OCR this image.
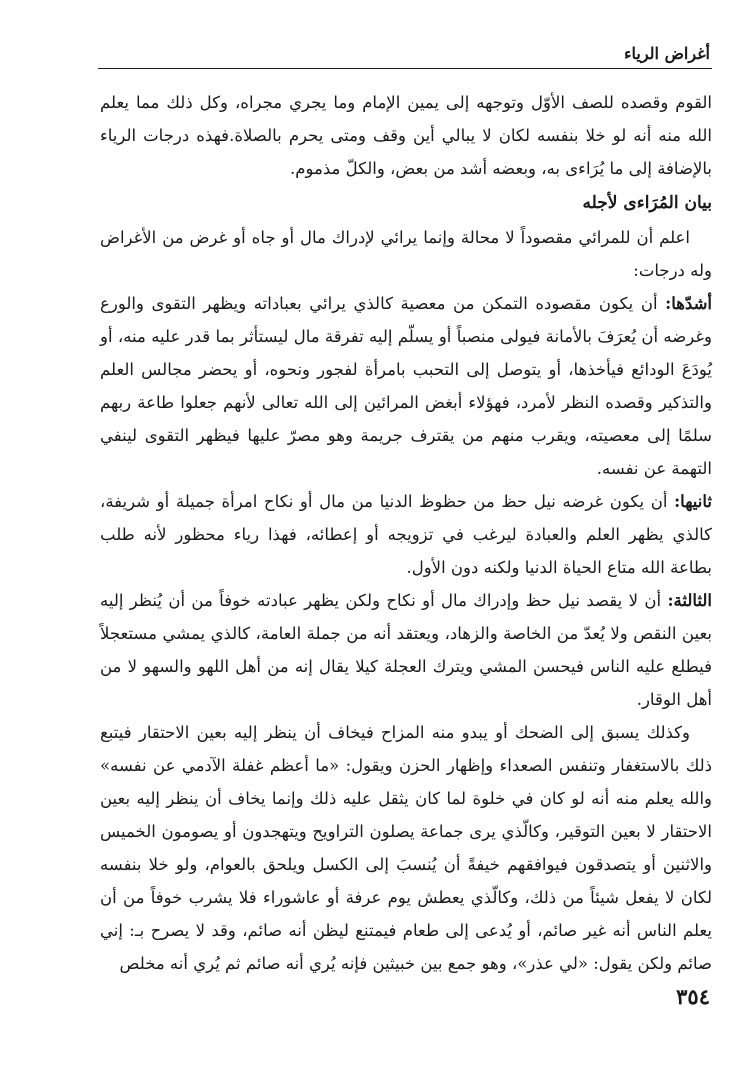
أغراض الرياء

القوم وقصده للصف الأوّل وتوجهه إلى يمين الإمام وما يجري مجراه، وكل ذلك مما يعلم الله منه أنه لو خلا بنفسه لكان لا يبالي أين وقف ومتى يحرم بالصلاة.فهذه درجات الرياء بالإضافة إلى ما يُرَاءى به، وبعضه أشد من بعض، والكلّ مذموم.

بيان المُرَاءى لأجله

اعلم أن للمرائي مقصوداً لا محالة وإنما يرائي لإدراك مال أو جاه أو غرض من الأغراض وله درجات:

أشدّها: أن يكون مقصوده التمكن من معصية كالذي يرائي بعباداته ويظهر التقوى والورع وغرضه أن يُعرَفَ بالأمانة فيولى منصباً أو يسلّم إليه تفرقة مال ليستأثر بما قدر عليه منه، أو يُودَعَ الودائع فيأخذها، أو يتوصل إلى التحبب بامرأة لفجور ونحوه، أو يحضر مجالس العلم والتذكير وقصده النظر لأمرد، فهؤلاء أبغض المرائين إلى الله تعالى لأنهم جعلوا طاعة ربهم سلمًا إلى معصيته، ويقرب منهم من يقترف جريمة وهو مصرّ عليها فيظهر التقوى لينفي التهمة عن نفسه.

ثانيها: أن يكون غرضه نيل حظ من حظوظ الدنيا من مال أو نكاح امرأة جميلة أو شريفة، كالذي يظهر العلم والعبادة ليرغب في تزويجه أو إعطائه، فهذا رياء محظور لأنه طلب بطاعة الله متاع الحياة الدنيا ولكنه دون الأول.

الثالثة: أن لا يقصد نيل حظ وإدراك مال أو نكاح ولكن يظهر عبادته خوفاً من أن يُنظر إليه بعين النقص ولا يُعدّ من الخاصة والزهاد، ويعتقد أنه من جملة العامة، كالذي يمشي مستعجلاً فيطلع عليه الناس فيحسن المشي ويترك العجلة كيلا يقال إنه من أهل اللهو والسهو لا من أهل الوقار.

وكذلك يسبق إلى الضحك أو يبدو منه المزاح فيخاف أن ينظر إليه بعين الاحتقار فيتبع ذلك بالاستغفار وتنفس الصعداء وإظهار الحزن ويقول: «ما أعظم غفلة الآدمي عن نفسه» والله يعلم منه أنه لو كان في خلوة لما كان يثقل عليه ذلك وإنما يخاف أن ينظر إليه بعين الاحتقار لا بعين التوقير، وكالّذي يرى جماعة يصلون التراويح ويتهجدون أو يصومون الخميس والاثنين أو يتصدقون فيوافقهم خيفةً أن يُنسبَ إلى الكسل ويلحق بالعوام، ولو خلا بنفسه لكان لا يفعل شيئاً من ذلك، وكالّذي يعطش يوم عرفة أو عاشوراء فلا يشرب خوفاً من أن يعلم الناس أنه غير صائم، أو يُدعى إلى طعام فيمتنع ليظن أنه صائم، وقد لا يصرح بـ: إني صائم ولكن يقول: «لي عذر»، وهو جمع بين خبيثين فإنه يُري أنه صائم ثم يُري أنه مخلص

٣٥٤
